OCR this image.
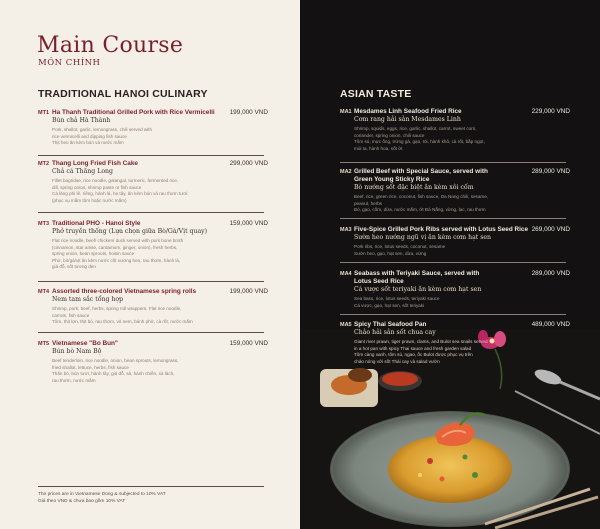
Main Course
MÓN CHÍNH
TRADITIONAL HANOI CULINARY	ASIAN TASTE
MT1 Ha Thanh Traditional Grilled Pork with Rice Vermicelli	199,000 VND
Bún chả Hà Thành
Pork, shallot, garlic, lemongrass, chili served with
rice vermicelli and dipping fish sauce
Thịt heo ăn kèm bún và nước mắm
MT2 Thang Long Fried Fish Cake	299,000 VND
Chả cá Thăng Long
Fillet bagridae, rice noodle, galangal, turmeric, fermented rice,
dill, spring onion, shrimp paste or fish sauce
Cá lăng phi lê, riềng, hành lá, hẹ tây, ăn kèm bún và rau thơm tươi
(phục vụ mắm tôm hoặc nước mắm)
MT3 Traditional PHO - Hanoi Style	159,000 VND
Phở truyền thống (Lựa chọn giữa Bò/Gà/Vịt quay)
Flat rice noodle, beef/ chicken/ duck served with pork bone broth
(cinnamon, star anise, cardamom, ginger, onion), fresh herbs,
spring onion, bean sprouts, hoisin sauce
Phở, bò/gà/vịt ăn kèm nước cốt xương heo, rau thơm, hành lá,
giá đỗ, sốt tương đen
MT4 Assorted three-colored Vietnamese spring rolls	199,000 VND
Nem tam sắc tổng hợp
Shrimp, pork, beef, herbs, spring roll wrappers, Flat rice noodle,
carrots, fish sauce
Tôm, thịt lợn, thịt bò, rau thơm, vỏ nem, bánh phở, cà rốt, nước mắm
MT5 Vietnamese "Bo Bun"	159,000 VND
Bún bò Nam Bộ
Beef tenderloin, rice noodle, onion, bean sprouts, lemongrass,
fried shallot, lettuce, herbs, fish sauce
Thăn bò, bún tươi, hành tây, giá đỗ, sả, hành chiên, xà lách,
rau thơm, nước mắm
The prices are in Vietnamese Dong & subjected to 10% VAT
Giá theo VND & chưa bao gồm 10% VAT
MA1 Mesdames Linh Seafood Fried Rice	229,000 VND
Cơm rang hải sản Mesdames Linh
Shrimp, squids, eggs, rice, garlic, shallot, carrot, sweet corn,
coriander, spring onion, chili sauce
Tôm sú, mực ống, trứng gà, gạo, tỏi, hành khô, cà rốt, bắp ngọt,
mùi ta, hành hoa, sốt ớt
MA2 Grilled Beef with Special Sauce, served with Green Young Sticky Rice
289,000 VND
Bò nướng sốt đặc biệt ăn kèm xôi cốm
Beef, rice, green rice, coconut, fish sauce, Da Nang chili, sesame,
peanut, herbs
Bò, gạo, cốm, dừa, nước mắm, ớt Đà Nẵng, vừng, lạc, rau thơm
MA3 Five-Spice Grilled Pork Ribs served with Lotus Seed Rice 269,000 VND
Sườn heo nướng ngũ vị ăn kèm cơm hạt sen
Pork ribs, rice, lotus seeds, coconut, sesame
Sườn heo, gạo, hạt sen, dừa, vừng
MA4 Seabass with Teriyaki Sauce, served with Lotus Seed Rice
289,000 VND
Cá vược sốt teriyaki ăn kèm cơm hạt sen
Sea bass, rice, lotus seeds, teriyaki sauce
Cá vược, gạo, hạt sen, sốt teriyaki
MA5 Spicy Thai Seafood Pan	489,000 VND
Chảo hải sản sốt chua cay
Giant river prawn, tiger prawn, clams, and Bulot sea snails served
in a hot pan with spicy Thai sauce and fresh garden salad
Tôm càng xanh, tôm sú, ngao, ốc Bulot được phục vụ trên
chảo nóng với sốt Thái cay và salad vườn
